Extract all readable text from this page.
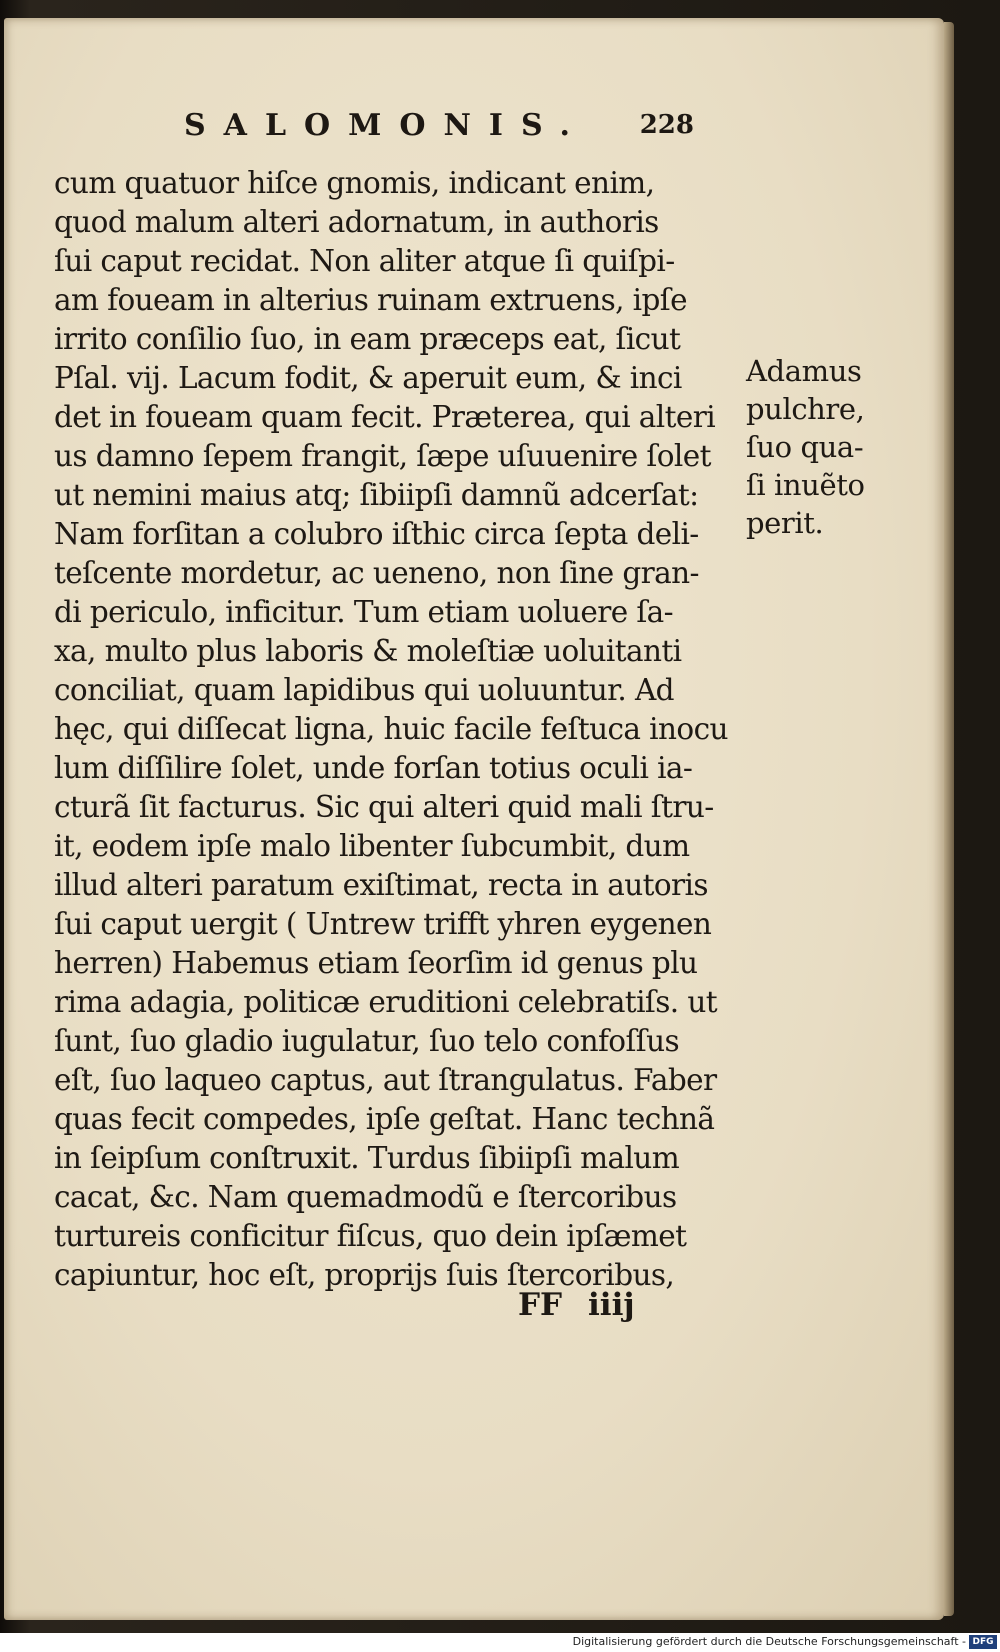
SALOMONIS. 228
cum quatuor hiſce gnomis, indicant enim,
quod malum alteri adornatum, in authoris
ſui caput recidat. Non aliter atque ſi quiſpi-
am foueam in alterius ruinam extruens, ipſe
irrito conſilio ſuo, in eam præceps eat, ſicut
Pſal. vij. Lacum fodit, & aperuit eum, & inci
det in foueam quam fecit. Præterea, qui alteri
us damno ſepem frangit, ſæpe uſuuenire ſolet
ut nemini maius atq; ſibiipſi damnũ adcerſat:
Nam forſitan a colubro iſthic circa ſepta deli-
teſcente mordetur, ac ueneno, non ſine gran-
di periculo, inficitur. Tum etiam uoluere ſa-
xa, multo plus laboris & moleſtiæ uoluitanti
conciliat, quam lapidibus qui uoluuntur. Ad
hęc, qui diſſecat ligna, huic facile feſtuca inocu
lum diſſilire ſolet, unde forſan totius oculi ia-
cturã ſit facturus. Sic qui alteri quid mali ſtru-
it, eodem ipſe malo libenter ſubcumbit, dum
illud alteri paratum exiſtimat, recta in autoris
ſui caput uergit ( Untrew trifft yhren eygenen
herren) Habemus etiam ſeorſim id genus plu
rima adagia, politicæ eruditioni celebratiſs. ut
ſunt, ſuo gladio iugulatur, ſuo telo confoſſus
eſt, ſuo laqueo captus, aut ſtrangulatus. Faber
quas fecit compedes, ipſe geſtat. Hanc technã
in ſeipſum conſtruxit. Turdus ſibiipſi malum
cacat, &c. Nam quemadmodũ e ſtercoribus
turtureis conficitur fiſcus, quo dein ipſæmet
capiuntur, hoc eſt, proprijs ſuis ſtercoribus,
Adamus
pulchre,
ſuo qua-
ſi inuẽto
perit.
FF iiij
Digitalisierung gefördert durch die Deutsche Forschungsgemeinschaft - DFG
